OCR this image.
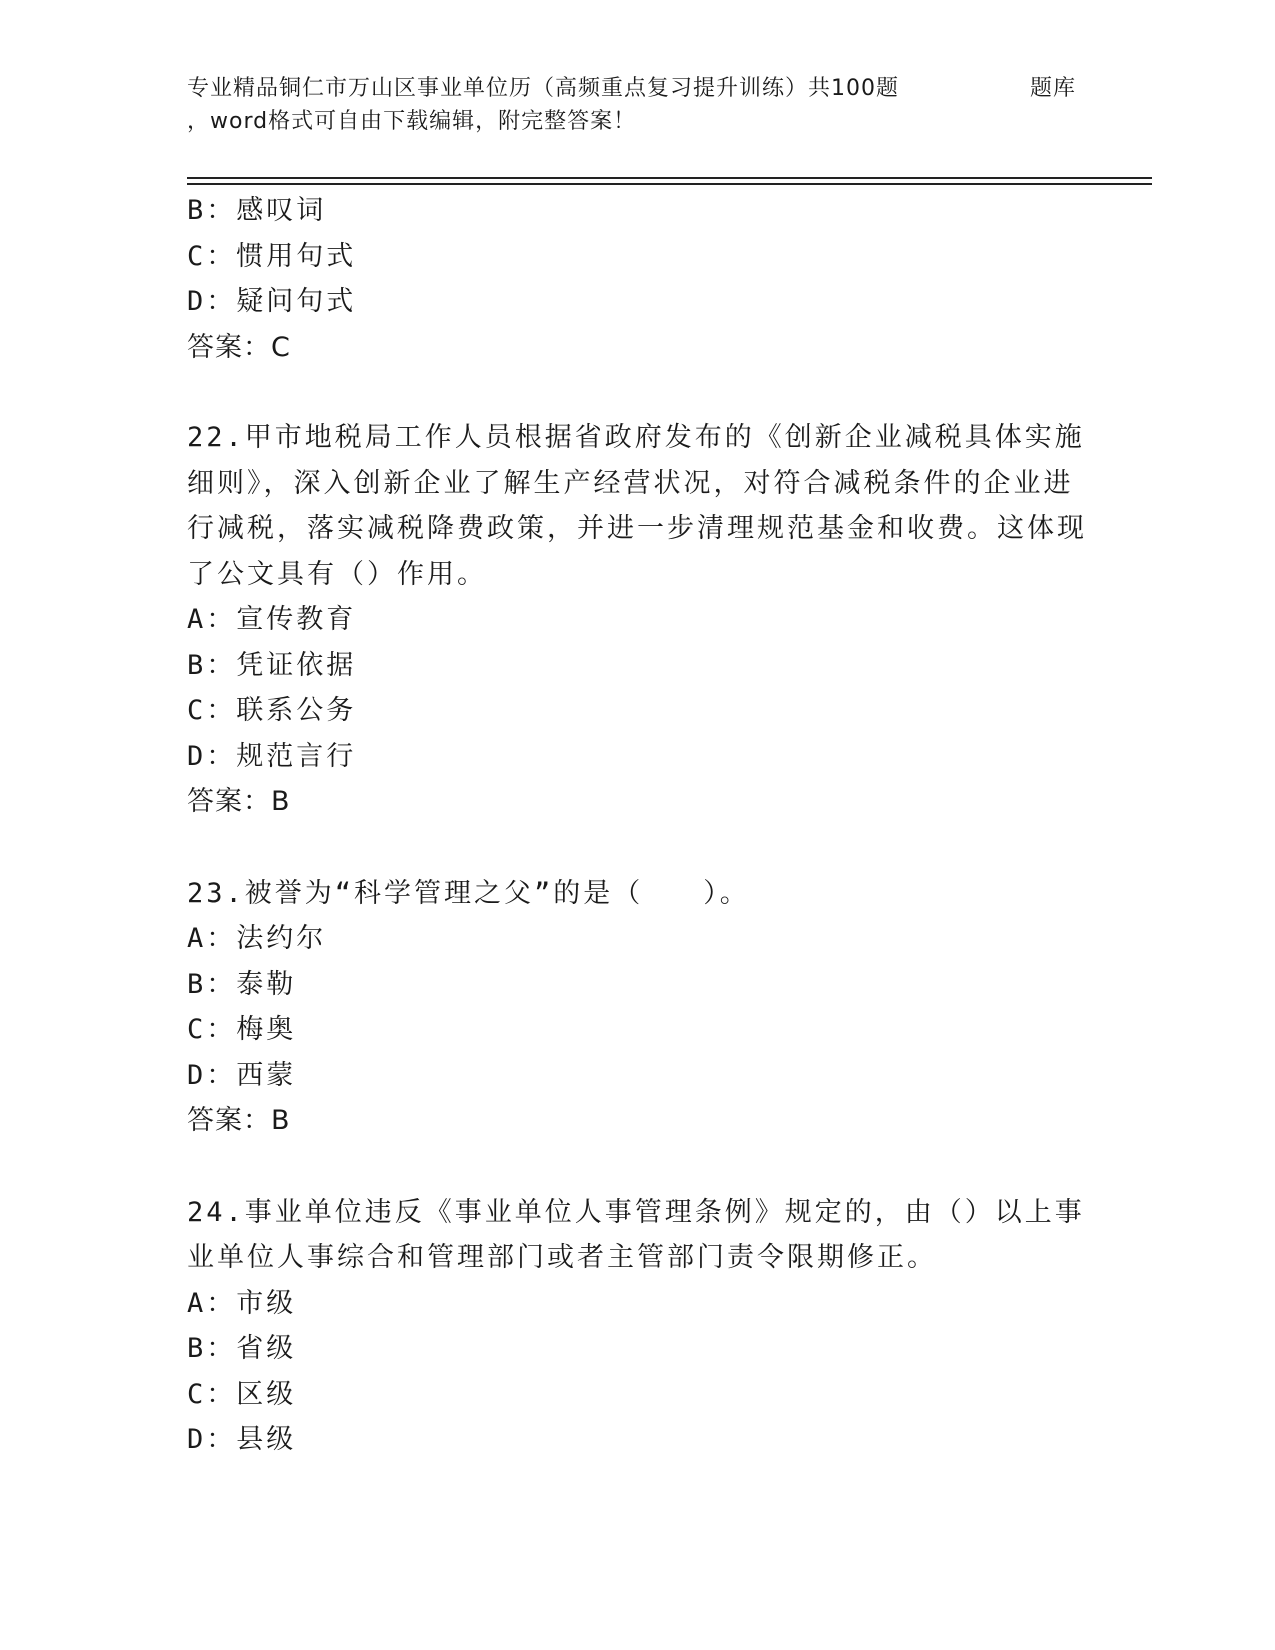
专业精品铜仁市万山区事业单位历（高频重点复习提升训练）共100题	题库
，word格式可自由下载编辑，附完整答案！
B：感叹词
C：惯用句式
D：疑问句式
答案：C
22.甲市地税局工作人员根据省政府发布的《创新企业减税具体实施细则》，深入创新企业了解生产经营状况，对符合减税条件的企业进行减税，落实减税降费政策，并进一步清理规范基金和收费。这体现了公文具有（）作用。
A：宣传教育
B：凭证依据
C：联系公务
D：规范言行
答案：B
23.被誉为“科学管理之父”的是（　　）。
A：法约尔
B：泰勒
C：梅奥
D：西蒙
答案：B
24.事业单位违反《事业单位人事管理条例》规定的，由（）以上事业单位人事综合和管理部门或者主管部门责令限期修正。
A：市级
B：省级
C：区级
D：县级
